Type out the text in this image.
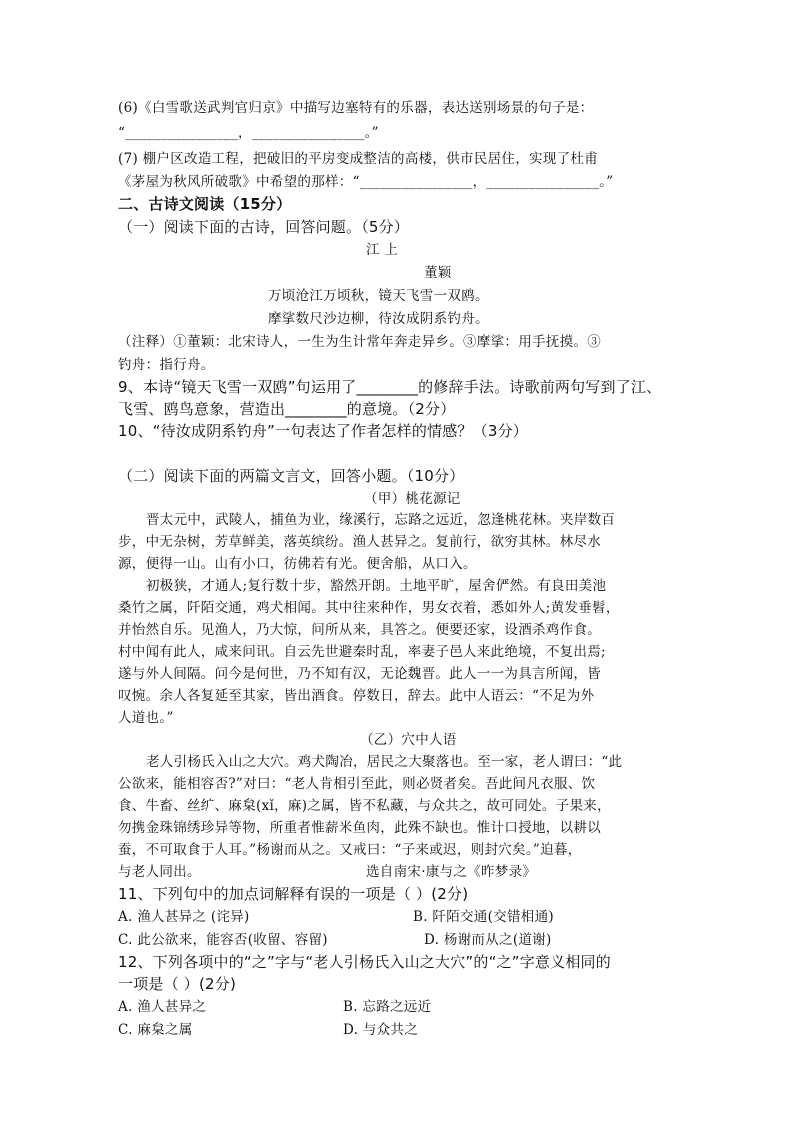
(6)《白雪歌送武判官归京》中描写边塞特有的乐器，表达送别场景的句子是：
“________________，________________。”
(7) 棚户区改造工程，把破旧的平房变成整洁的高楼，供市民居住，实现了杜甫
《茅屋为秋风所破歌》中希望的那样：“________________，________________。”
二、古诗文阅读（15分）
（一）阅读下面的古诗，回答问题。（5分）
江 上
董颖
万顷沧江万顷秋，镜天飞雪一双鸥。
摩挲数尺沙边柳，待汝成阴系钓舟。
（注释）①董颖：北宋诗人，一生为生计常年奔走异乡。③摩挲：用手抚摸。③
钓舟：指行舟。
9、本诗“镜天飞雪一双鸥”句运用了________的修辞手法。诗歌前两句写到了江、
飞雪、鸥鸟意象，营造出________的意境。（2分）
10、“待汝成阴系钓舟”一句表达了作者怎样的情感？（3分）
（二）阅读下面的两篇文言文，回答小题。（10分）
（甲）桃花源记
晋太元中，武陵人，捕鱼为业，缘溪行，忘路之远近，忽逢桃花林。夹岸数百
步，中无杂树，芳草鲜美，落英缤纷。渔人甚异之。复前行，欲穷其林。林尽水
源，便得一山。山有小口，彷佛若有光。便舍船，从口入。
初极狭，才通人;复行数十步，豁然开朗。土地平旷，屋舍俨然。有良田美池
桑竹之属，阡陌交通，鸡犬相闻。其中往来种作，男女衣着，悉如外人;黄发垂髫，
并怡然自乐。见渔人，乃大惊，问所从来，具答之。便要还家，设酒杀鸡作食。
村中闻有此人，咸来问讯。自云先世避秦时乱，率妻子邑人来此绝境，不复出焉;
遂与外人间隔。问今是何世，乃不知有汉，无论魏晋。此人一一为具言所闻，皆
叹惋。余人各复延至其家，皆出酒食。停数日，辞去。此中人语云：“不足为外
人道也。”
（乙）穴中人语
老人引杨氏入山之大穴。鸡犬陶冶，居民之大聚落也。至一家，老人谓曰：“此
公欲来，能相容否?”对曰：“老人肯相引至此，则必贤者矣。吾此间凡衣服、饮
食、牛畜、丝纩、麻枲(xǐ，麻)之属，皆不私藏，与众共之，故可同处。子果来，
勿携金珠锦绣珍异等物，所重者惟薪米鱼肉，此殊不缺也。惟计口授地，以耕以
蚕，不可取食于人耳。”杨谢而从之。又戒曰：“子来或迟，则封穴矣。”迫暮，
与老人同出。	选自南宋·康与之《昨梦录》
11、下列句中的加点词解释有误的一项是（ ）(2分)
A. 渔人甚异之 (诧异)	B. 阡陌交通(交错相通)
C. 此公欲来，能容否(收留、容留)	D. 杨谢而从之(道谢)
12、下列各项中的“之”字与“老人引杨氏入山之大穴”的“之”字意义相同的
一项是（ ）(2分)
A. 渔人甚异之	B. 忘路之远近
C. 麻枲之属	D. 与众共之
